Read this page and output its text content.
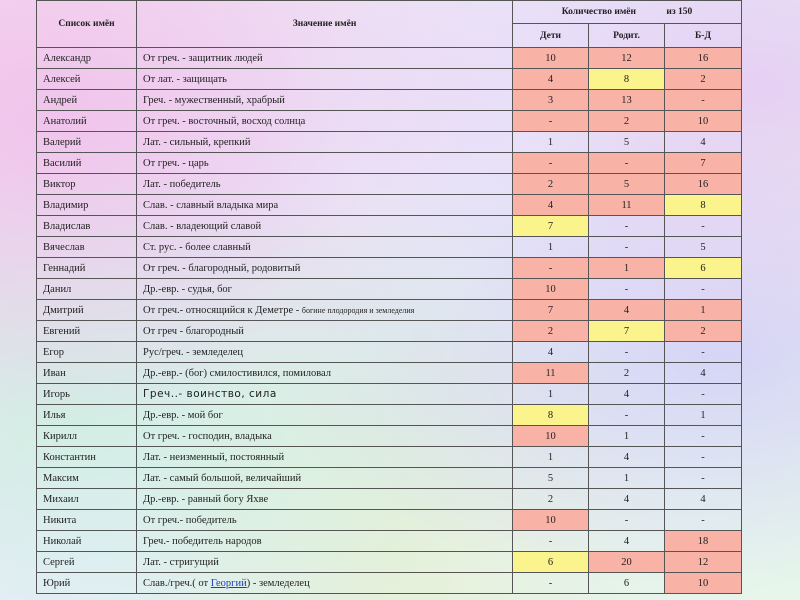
Список имён	Значение имён	Количество имён из 150		
		Дети	Родит.	Б-Д
Александр	От греч. - защитник людей	10	12	16
Алексей	От лат. - защищать	4	8	2
Андрей	Греч. - мужественный, храбрый	3	13	-
Анатолий	От греч. - восточный, восход солнца	-	2	10
Валерий	Лат. - сильный, крепкий	1	5	4
Василий	От греч. - царь	-	-	7
Виктор	Лат. - победитель	2	5	16
Владимир	Слав. - славный владыка мира	4	11	8
Владислав	Слав. - владеющий славой	7	-	-
Вячеслав	Ст. рус. - более славный	1	-	5
Геннадий	От греч. - благородный, родовитый	-	1	6
Данил	Др.-евр. - судья, бог	10	-	-
Дмитрий	От греч.- относящийся к Деметре - богине плодородия и земледелия	7	4	1
Евгений	От греч - благородный	2	7	2
Егор	Рус/греч. - земледелец	4	-	-
Иван	Др.-евр.- (бог) смилостивился, помиловал	11	2	4
Игорь	Греч..- воинство, сила	1	4	-
Илья	Др.-евр. - мой бог	8	-	1
Кирилл	От греч. - господин, владыка	10	1	-
Константин	Лат. - неизменный, постоянный	1	4	-
Максим	Лат. - самый большой, величайший	5	1	-
Михаил	Др.-евр. - равный богу Яхве	2	4	4
Никита	От греч.- победитель	10	-	-
Николай	Греч.- победитель народов	-	4	18
Сергей	Лат. - стригущий	6	20	12
Юрий	Слав./греч.( от Георгий) - земледелец	-	6	10
